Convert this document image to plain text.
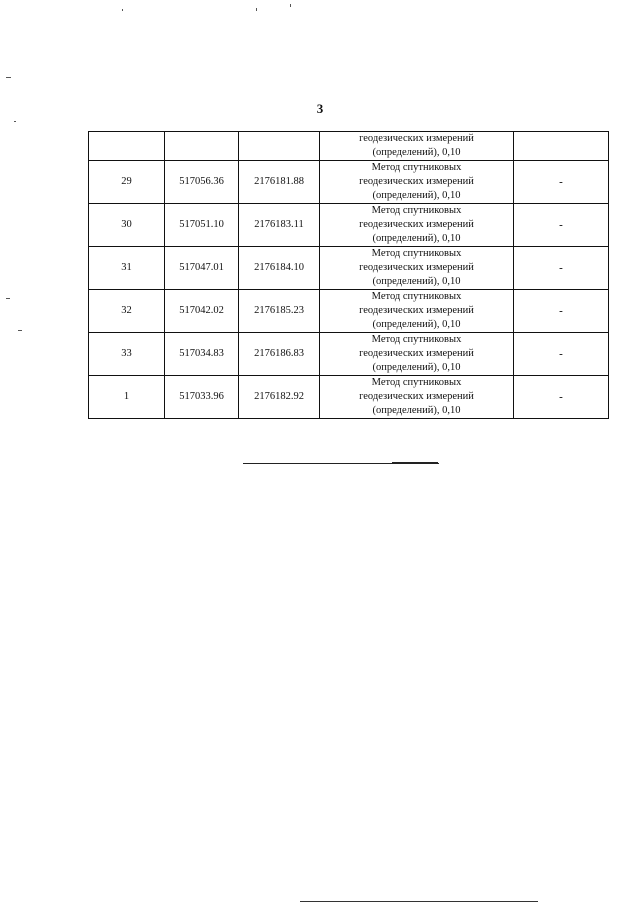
3

			геодезических измерений
(определений), 0,10	

29	517056.36	2176181.88	Метод спутниковых
геодезических измерений
(определений), 0,10	-
30	517051.10	2176183.11	Метод спутниковых
геодезических измерений
(определений), 0,10	-
31	517047.01	2176184.10	Метод спутниковых
геодезических измерений
(определений), 0,10	-
32	517042.02	2176185.23	Метод спутниковых
геодезических измерений
(определений), 0,10	-
33	517034.83	2176186.83	Метод спутниковых
геодезических измерений
(определений), 0,10	-
1	517033.96	2176182.92	Метод спутниковых
геодезических измерений
(определений), 0,10	-
